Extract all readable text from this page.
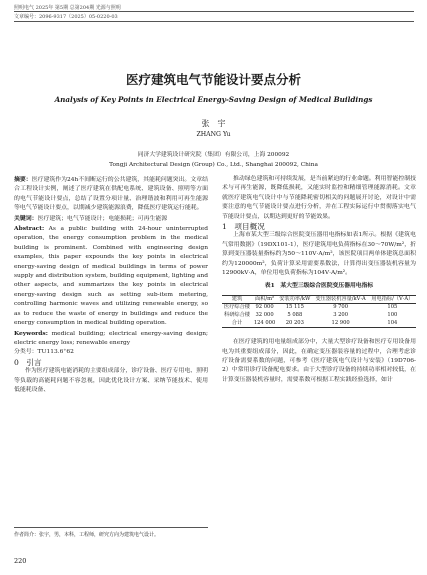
照明电气 2025年 第5期 总第204期 光源与照明
文章编号：2096-9317（2025）05-0220-03
医疗建筑电气节能设计要点分析
Analysis of Key Points in Electrical Energy-Saving Design of Medical Buildings
张　宇
ZHANG Yu
同济大学建筑设计研究院（集团）有限公司，上海 200092
Tongji Architectural Design (Group) Co., Ltd., Shanghai 200092, China

摘要：医疗建筑作为24h不间断运行的公共建筑，其能耗问题突出。文章结合工程设计实例，阐述了医疗建筑在供配电系统、建筑设备、照明等方面的电气节能设计要点，总结了设置分项计量、治理谐波和利用可再生能源等电气节能设计要点，以期减少建筑能源浪费，降低医疗建筑运行能耗。

关键词：医疗建筑；电气节能设计；电能损耗；可再生能源

Abstract: As a public building with 24-hour uninterrupted operation, the energy consumption problem in the medical building is prominent. Combined with engineering design examples, this paper expounds the key points in electrical energy-saving design of medical buildings in terms of power supply and distribution system, building equipment, lighting and other aspects, and summarizes the key points in electrical energy-saving design such as setting sub-item metering, controlling harmonic waves and utilizing renewable energy, so as to reduce the waste of energy in buildings and reduce the energy consumption in medical building operation.

Keywords: medical building; electrical energy-saving design; electric energy loss; renewable energy

分类号：TU113.6⁺62

0　引言

作为医疗建筑电能消耗的主要组成部分，诊疗设备、医疗专用电、照明等负载的高能耗问题不容忽视，因此优化设计方案、采纳节能技术、使用低能耗设备、

作者简介：张宇，男，本科，工程师，研究方向为建筑电气设计。
220

推动绿色建筑和可持续发展，是当前紧迫的行业命题。利用智能控制技术与可再生能源，既降低损耗，又能实时监控和精细管理能源消耗。文章就医疗建筑电气设计中与节能降耗密切相关的问题展开讨论，对设计中需要注意的电气节能设计要点进行分析，并在工程实际运行中贯彻落实电气节能设计要点，以期达到更好的节能效果。

1　项目概况

上海市某大型三级综合医院变压器用电指标如表1所示。根据《建筑电气常用数据》（19DX101-1），医疗建筑用电负荷指标在30～70W/m²，折算到变压器装量指标约为50～110V·A/m²，该医院项目两单体建筑总面积约为120000m²，负荷计算采用需要系数法，计算得出变压器装机容量为12900kV·A，单位用电负荷指标为104V·A/m²。

表1　某大型三级综合医院变压器用电指标
建筑	面积/m²	安装功率/kW	变压器装机容量/kV·A	用电指标/（V·A）
医疗综合楼	92 000	15 115	9 700	105
科研综合楼	32 000	5 088	3 200	100
合计	124 000	20 203	12 900	104

在医疗建筑的用电量组成部分中，大量大型诊疗设备和医疗专用设备用电为其重要组成部分，因此，在确定变压器装容量的过程中，合理考虑诊疗设备需要系数的问题，可参考《医疗建筑电气设计与安装》（19D706-2）中常用诊疗设备配电要求。由于大型诊疗设备的持续功率相对较低，在计算变压器装机容量时，需要系数可根据工程实践经验选择，如计
